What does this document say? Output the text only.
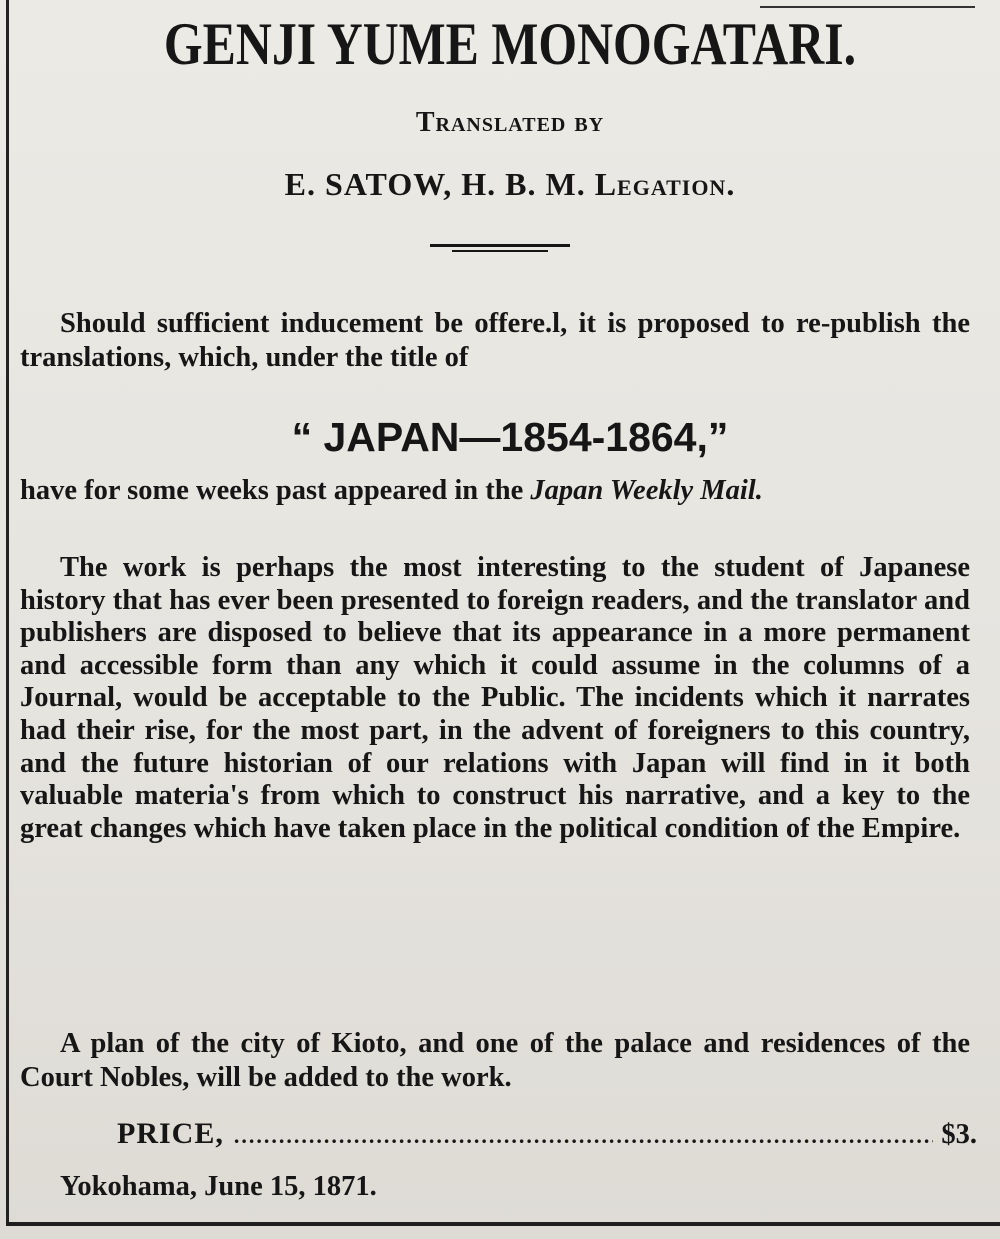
GENJI YUME MONOGATARI.
Translated by
E. SATOW, H. B. M. Legation.
Should sufficient inducement be offere.l, it is proposed to re-publish the translations, which, under the title of
“ JAPAN—1854-1864,”
have for some weeks past appeared in the Japan Weekly Mail.
The work is perhaps the most interesting to the student of Japanese history that has ever been presented to foreign readers, and the translator and publishers are disposed to believe that its appearance in a more permanent and accessible form than any which it could assume in the columns of a Journal, would be acceptable to the Public. The incidents which it narrates had their rise, for the most part, in the advent of foreigners to this country, and the future historian of our relations with Japan will find in it both valuable materia's from which to construct his narrative, and a key to the great changes which have taken place in the political condition of the Empire.
A plan of the city of Kioto, and one of the palace and residences of the Court Nobles, will be added to the work.
PRICE,
.....	$3.
Yokohama, June 15, 1871.
